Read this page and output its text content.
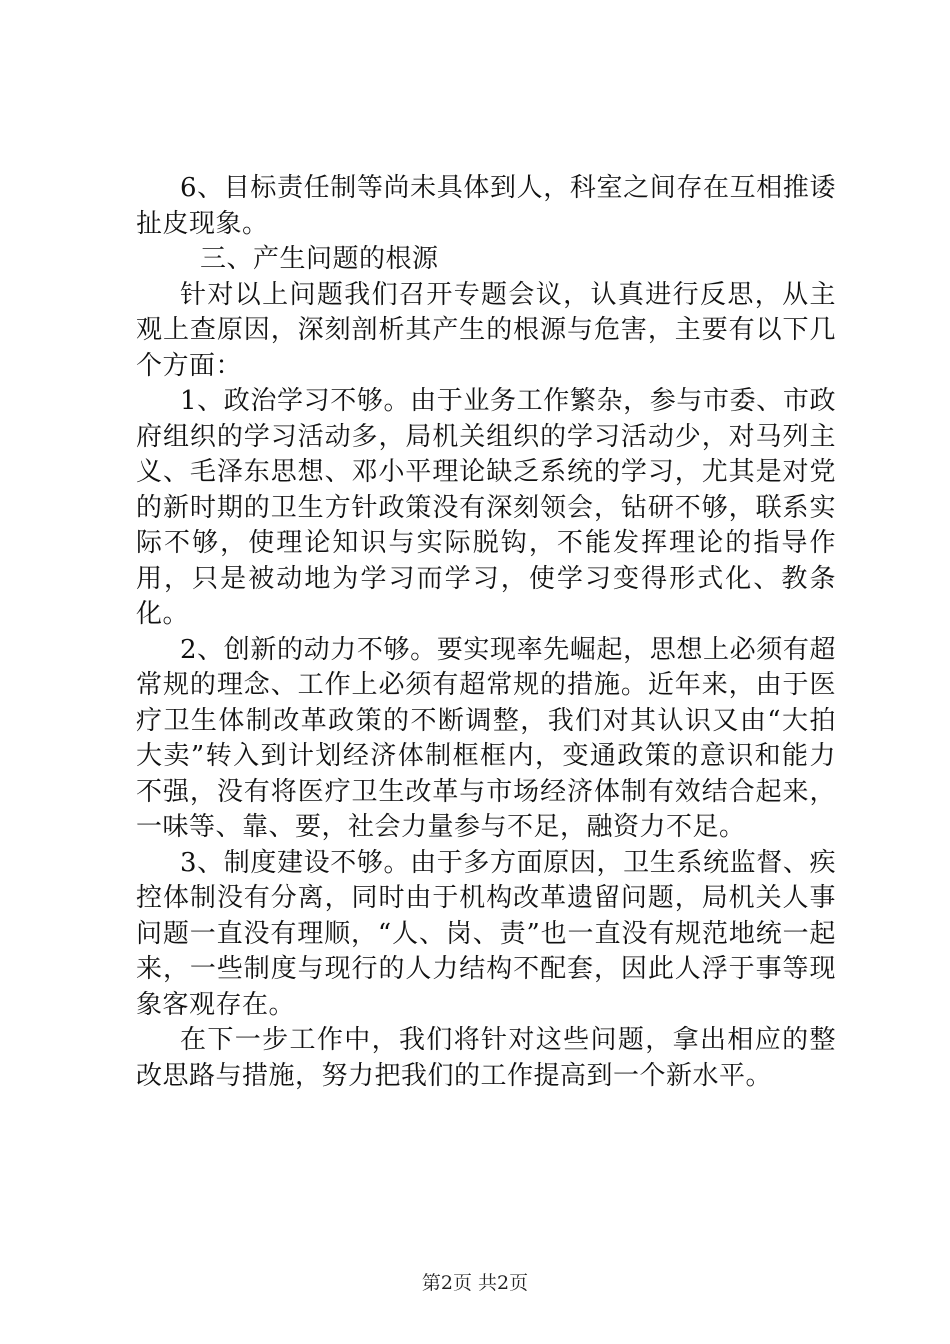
6、目标责任制等尚未具体到人，科室之间存在互相推诿扯皮现象。

三、产生问题的根源

针对以上问题我们召开专题会议，认真进行反思，从主观上查原因，深刻剖析其产生的根源与危害，主要有以下几个方面：

1、政治学习不够。由于业务工作繁杂，参与市委、市政府组织的学习活动多，局机关组织的学习活动少，对马列主义、毛泽东思想、邓小平理论缺乏系统的学习，尤其是对党的新时期的卫生方针政策没有深刻领会，钻研不够，联系实际不够，使理论知识与实际脱钩，不能发挥理论的指导作用，只是被动地为学习而学习，使学习变得形式化、教条化。

2、创新的动力不够。要实现率先崛起，思想上必须有超常规的理念、工作上必须有超常规的措施。近年来，由于医疗卫生体制改革政策的不断调整，我们对其认识又由“大拍大卖”转入到计划经济体制框框内，变通政策的意识和能力不强，没有将医疗卫生改革与市场经济体制有效结合起来，一味等、靠、要，社会力量参与不足，融资力不足。

3、制度建设不够。由于多方面原因，卫生系统监督、疾控体制没有分离，同时由于机构改革遗留问题，局机关人事问题一直没有理顺，“人、岗、责”也一直没有规范地统一起来，一些制度与现行的人力结构不配套，因此人浮于事等现象客观存在。

在下一步工作中，我们将针对这些问题，拿出相应的整改思路与措施，努力把我们的工作提高到一个新水平。

第2页 共2页
